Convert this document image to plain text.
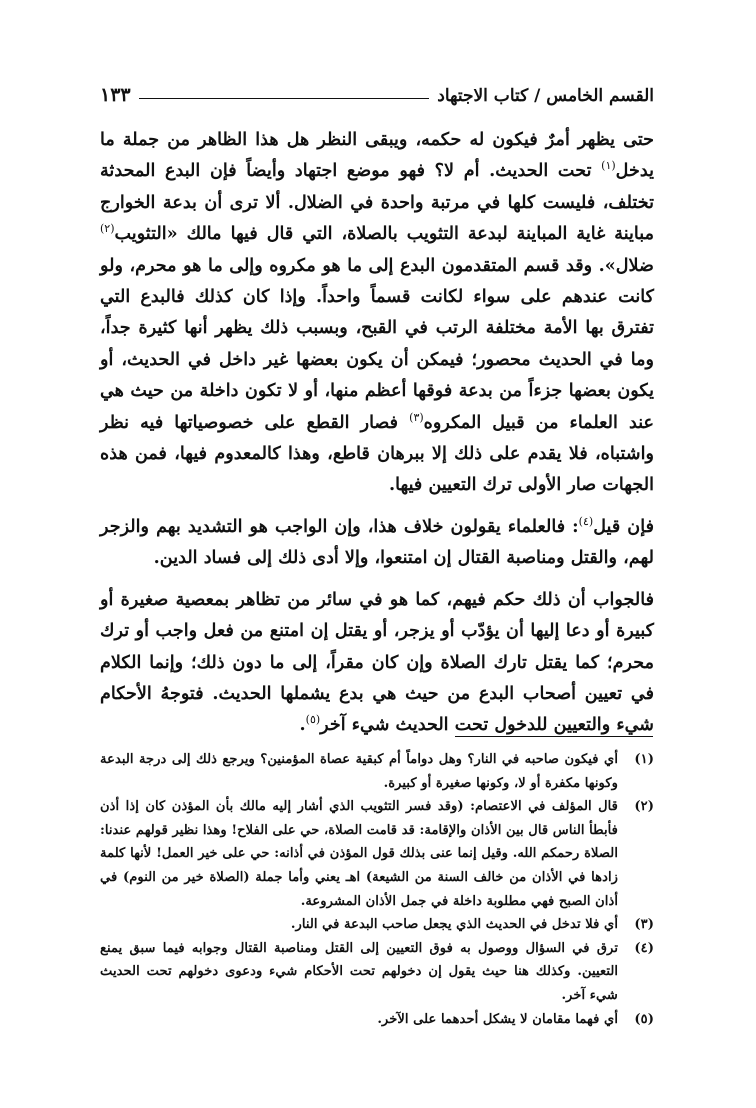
القسم الخامس / كتاب الاجتهاد
١٣٣

حتى يظهر أمرٌ فيكون له حكمه، ويبقى النظر هل هذا الظاهر من جملة ما يدخل$^{(١)}$ تحت الحديث. أم لا؟ فهو موضع اجتهاد وأيضاً فإن البدع المحدثة تختلف، فليست كلها في مرتبة واحدة في الضلال. ألا ترى أن بدعة الخوارج مباينة غاية المباينة لبدعة التثويب بالصلاة، التي قال فيها مالك «التثويب$^{(٢)}$ ضلال». وقد قسم المتقدمون البدع إلى ما هو مكروه وإلى ما هو محرم، ولو كانت عندهم على سواء لكانت قسماً واحداً. وإذا كان كذلك فالبدع التي تفترق بها الأمة مختلفة الرتب في القبح، وبسبب ذلك يظهر أنها كثيرة جداً، وما في الحديث محصور؛ فيمكن أن يكون بعضها غير داخل في الحديث، أو يكون بعضها جزءاً من بدعة فوقها أعظم منها، أو لا تكون داخلة من حيث هي عند العلماء من قبيل المكروه$^{(٣)}$ فصار القطع على خصوصياتها فيه نظر واشتباه، فلا يقدم على ذلك إلا ببرهان قاطع، وهذا كالمعدوم فيها، فمن هذه الجهات صار الأولى ترك التعيين فيها.

فإن قيل$^{(٤)}$: فالعلماء يقولون خلاف هذا، وإن الواجب هو التشديد بهم والزجر لهم، والقتل ومناصبة القتال إن امتنعوا، وإلا أدى ذلك إلى فساد الدين.

فالجواب أن ذلك حكم فيهم، كما هو في سائر من تظاهر بمعصية صغيرة أو كبيرة أو دعا إليها أن يؤدّب أو يزجر، أو يقتل إن امتنع من فعل واجب أو ترك محرم؛ كما يقتل تارك الصلاة وإن كان مقراً، إلى ما دون ذلك؛ وإنما الكلام في تعيين أصحاب البدع من حيث هي بدع يشملها الحديث. فتوجهُ الأحكام شيء والتعيين للدخول تحت الحديث شيء آخر$^{(٥)}$.

(١)
أي فيكون صاحبه في النار؟ وهل دواماً أم كبقية عصاة المؤمنين؟ ويرجع ذلك إلى درجة البدعة وكونها مكفرة أو لا، وكونها صغيرة أو كبيرة.
(٢)
قال المؤلف في الاعتصام: (وقد فسر التثويب الذي أشار إليه مالك بأن المؤذن كان إذا أذن فأبطأ الناس قال بين الأذان والإقامة: قد قامت الصلاة، حي على الفلاح! وهذا نظير قولهم عندنا: الصلاة رحمكم الله. وقيل إنما عنى بذلك قول المؤذن في أذانه: حي على خير العمل! لأنها كلمة زادها في الأذان من خالف السنة من الشيعة) اهـ يعني وأما جملة (الصلاة خير من النوم) في أذان الصبح فهي مطلوبة داخلة في جمل الأذان المشروعة.
(٣)
أي فلا تدخل في الحديث الذي يجعل صاحب البدعة في النار.
(٤)
ترق في السؤال ووصول به فوق التعيين إلى القتل ومناصبة القتال وجوابه فيما سبق يمنع التعيين. وكذلك هنا حيث يقول إن دخولهم تحت الأحكام شيء ودعوى دخولهم تحت الحديث شيء آخر.
(٥)
أي فهما مقامان لا يشكل أحدهما على الآخر.
